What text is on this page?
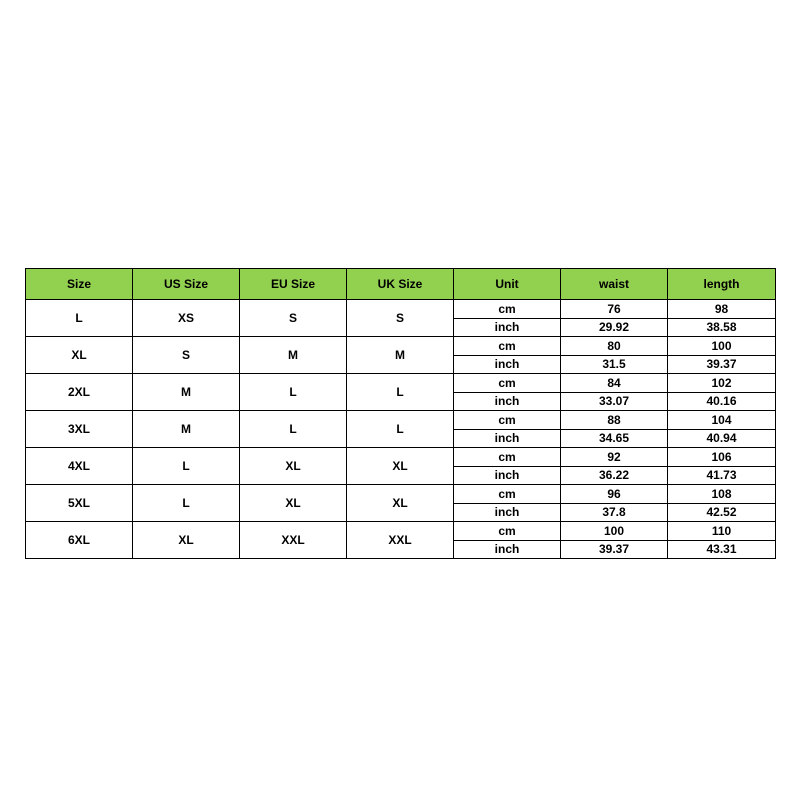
Size	US Size	EU Size	UK Size	Unit	waist	length
L	XS	S	S	cm	76	98
				inch	29.92	38.58
XL	S	M	M	cm	80	100
				inch	31.5	39.37
2XL	M	L	L	cm	84	102
				inch	33.07	40.16
3XL	M	L	L	cm	88	104
				inch	34.65	40.94
4XL	L	XL	XL	cm	92	106
				inch	36.22	41.73
5XL	L	XL	XL	cm	96	108
				inch	37.8	42.52
6XL	XL	XXL	XXL	cm	100	110
				inch	39.37	43.31
